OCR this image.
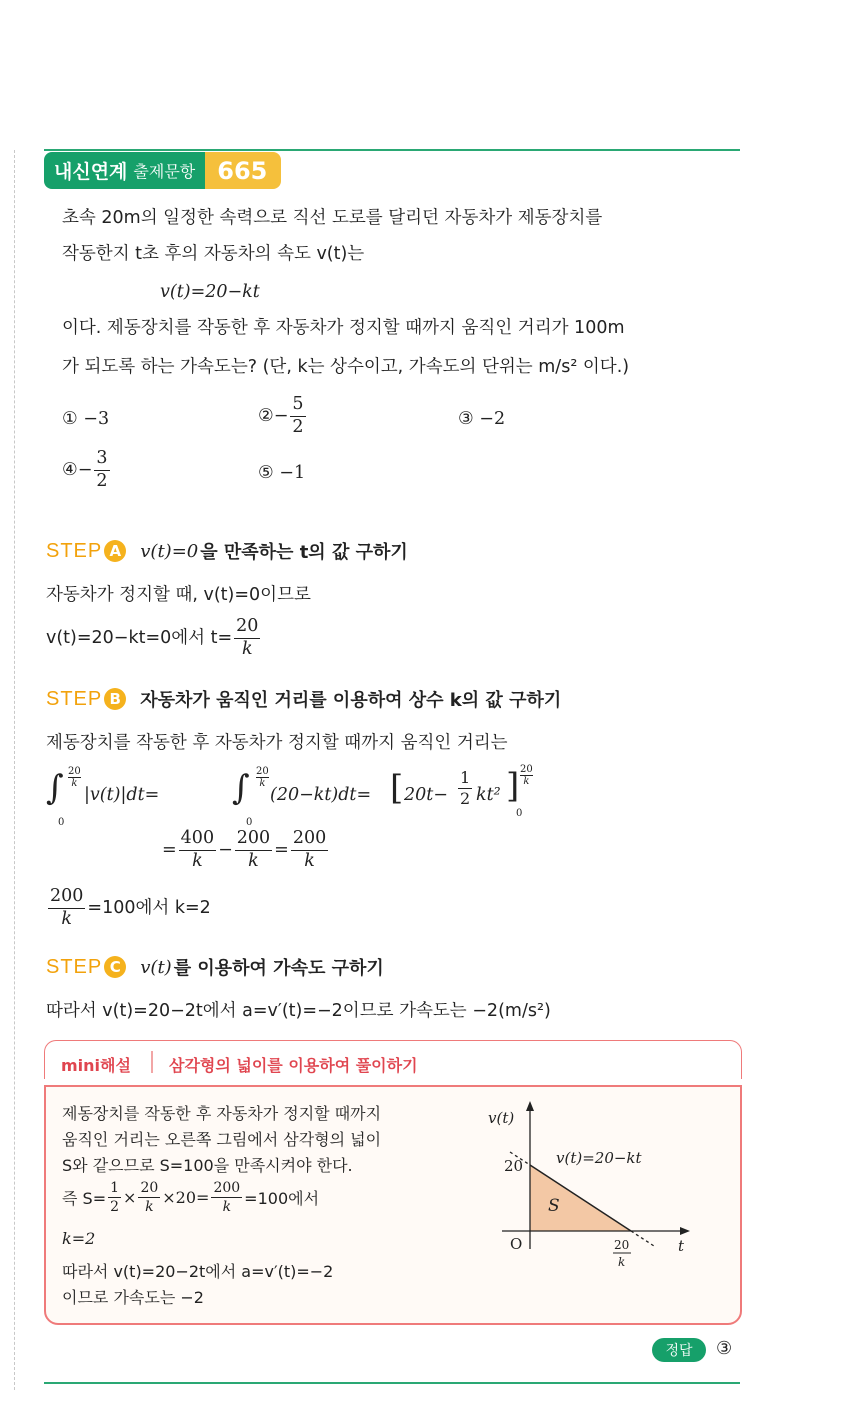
내신연계 출제문항 665
초속 20m의 일정한 속력으로 직선 도로를 달리던 자동차가 제동장치를
작동한지 t초 후의 자동차의 속도 v(t)는
v(t)=20−kt
이다. 제동장치를 작동한 후 자동차가 정지할 때까지 움직인 거리가 100m
가 되도록 하는 가속도는? (단, k는 상수이고, 가속도의 단위는 m/s² 이다.)
① −3	② − $\frac{5}{2}$	③ −2
④ − $\frac{3}{2}$	⑤ −1
STEP A v(t)=0 을 만족하는 t의 값 구하기
자동차가 정지할 때, v(t)=0이므로
v(t)=20−kt=0에서 $t= \frac{20}{k}$
STEP B 자동차가 움직인 거리를 이용하여 상수 k의 값 구하기
제동장치를 작동한 후 자동차가 정지할 때까지 움직인 거리는
∫ $\frac{20}{k}$
0
|v(t)|dt= ∫ $\frac{20}{k}$
0
(20−kt)dt= [ $20t- \frac{1}{2} kt^2$ ] $\frac{20}{k}$
0
= $\frac{400}{k} - \frac{200}{k} = \frac{200}{k}$
$\frac{200}{k} =100$에서 k=2
STEP C	v(t) 를 이용하여 가속도 구하기
따라서 v(t)=20−2t에서 a=v′(t)=−2이므로 가속도는 −2(m/s²)
mini해설 삼각형의 넓이를 이용하여 풀이하기
제동장치를 작동한 후 자동차가 정지할 때까지
움직인 거리는 오른쪽 그림에서 삼각형의 넓이
S와 같으므로 S=100을 만족시켜야 한다.
즉 $S= \frac{1}{2} \times \frac{20}{k} \times 20= \frac{200}{k} =100$에서
k=2
따라서 v(t)=20−2t에서 a=v′(t)=−2
이므로 가속도는 −2
v(t)
20 v(t)=20−kt
S
O	t
20
k
정답	③
